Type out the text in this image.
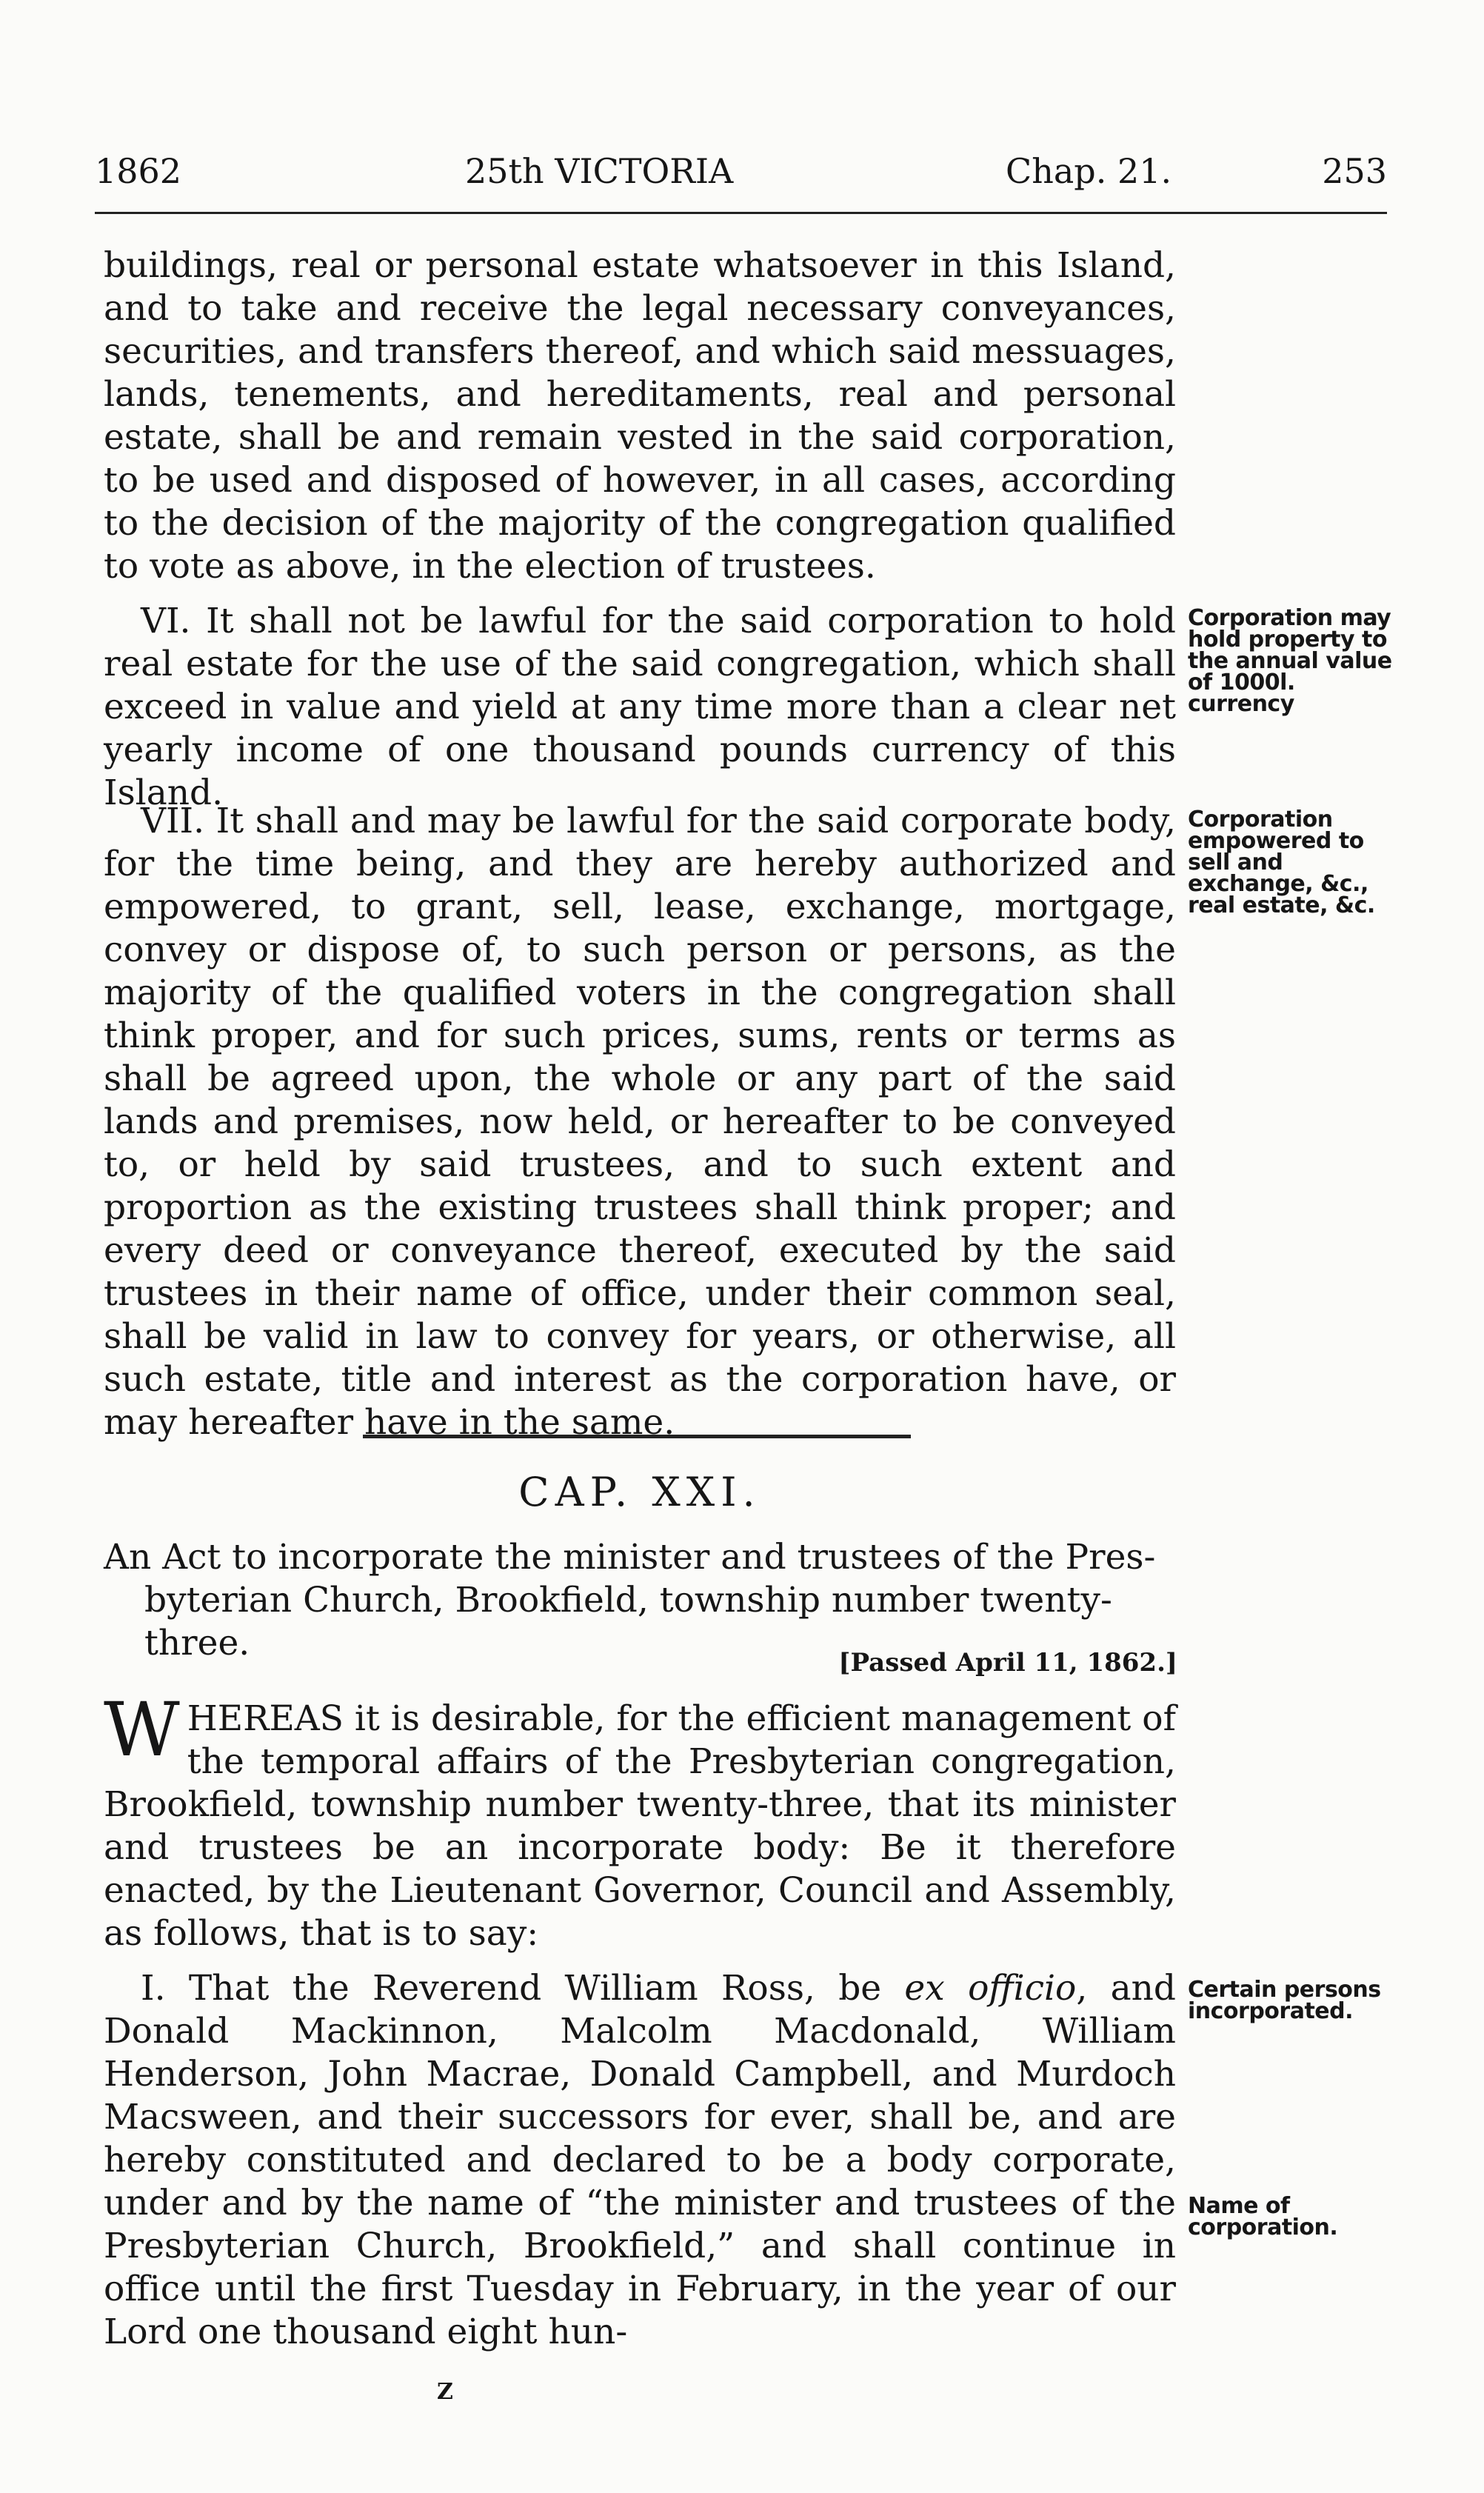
1862	25th VICTORIA	Chap. 21.	253

buildings, real or personal estate whatsoever in this Island, and to take and receive the legal necessary conveyances, securities, and transfers thereof, and which said messuages, lands, tenements, and hereditaments, real and personal estate, shall be and remain vested in the said corporation, to be used and disposed of however, in all cases, according to the decision of the majority of the congregation qualified to vote as above, in the election of trustees.

VI. It shall not be lawful for the said corporation to hold real estate for the use of the said congregation, which shall exceed in value and yield at any time more than a clear net yearly income of one thousand pounds currency of this Island.

Corporation may hold property to the annual value of 1000l. currency

VII. It shall and may be lawful for the said corporate body, for the time being, and they are hereby authorized and empowered, to grant, sell, lease, exchange, mortgage, convey or dispose of, to such person or persons, as the majority of the qualified voters in the congregation shall think proper, and for such prices, sums, rents or terms as shall be agreed upon, the whole or any part of the said lands and premises, now held, or hereafter to be conveyed to, or held by said trustees, and to such extent and proportion as the existing trustees shall think proper; and every deed or conveyance thereof, executed by the said trustees in their name of office, under their common seal, shall be valid in law to convey for years, or otherwise, all such estate, title and interest as the corporation have, or may hereafter have in the same.

Corporation empowered to sell and exchange, &c., real estate, &c.
CAP. XXI.
An Act to incorporate the minister and trustees of the Pres-
byterian Church, Brookfield, township number twenty-three.	[Passed April 11, 1862.]

WHEREAS it is desirable, for the efficient management of the temporal affairs of the Presbyterian congregation, Brookfield, township number twenty-three, that its minister and trustees be an incorporate body: Be it therefore enacted, by the Lieutenant Governor, Council and Assembly, as follows, that is to say:

I. That the Reverend William Ross, be ex officio, and Donald Mackinnon, Malcolm Macdonald, William Henderson, John Macrae, Donald Campbell, and Murdoch Macsween, and their successors for ever, shall be, and are hereby constituted and declared to be a body corporate, under and by the name of “the minister and trustees of the Presbyterian Church, Brookfield,” and shall continue in office until the first Tuesday in February, in the year of our Lord one thousand eight hun-

Certain persons incorporated.
Name of corporation.
Z
